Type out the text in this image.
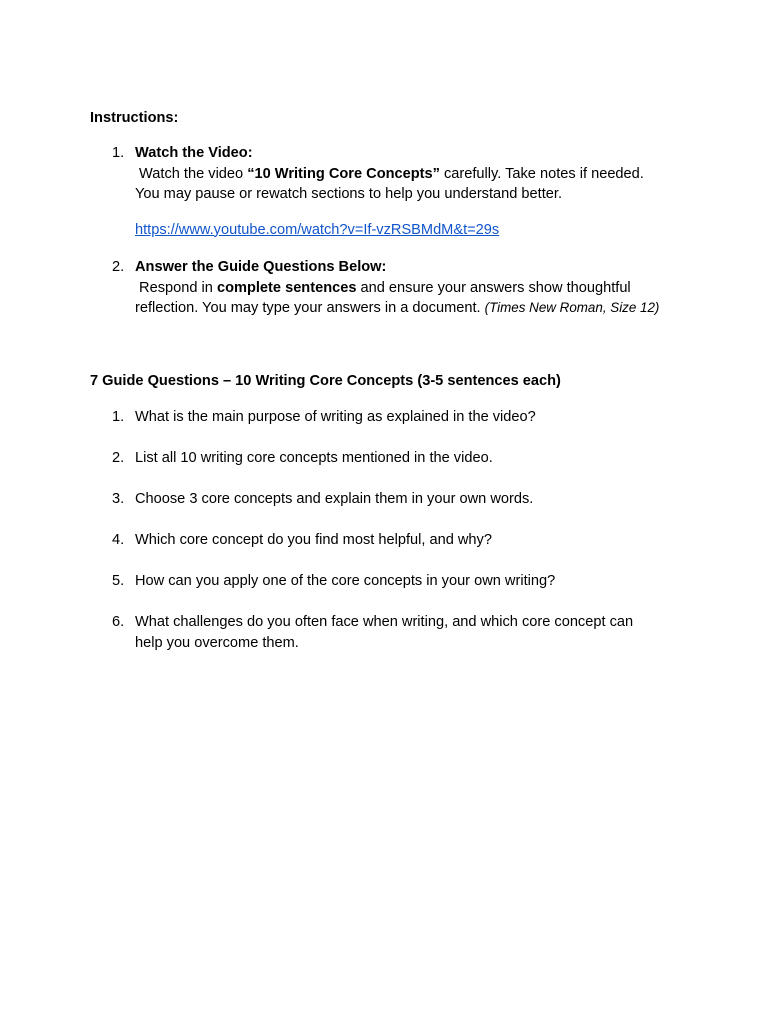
Instructions:
1. Watch the Video:
Watch the video “10 Writing Core Concepts” carefully. Take notes if needed.
You may pause or rewatch sections to help you understand better.
https://www.youtube.com/watch?v=If-vzRSBMdM&t=29s
2. Answer the Guide Questions Below:
Respond in complete sentences and ensure your answers show thoughtful
reflection. You may type your answers in a document. (Times New Roman, Size 12)
7 Guide Questions – 10 Writing Core Concepts (3-5 sentences each)
1. What is the main purpose of writing as explained in the video?
2. List all 10 writing core concepts mentioned in the video.
3. Choose 3 core concepts and explain them in your own words.
4. Which core concept do you find most helpful, and why?
5. How can you apply one of the core concepts in your own writing?
6. What challenges do you often face when writing, and which core concept can
help you overcome them.
